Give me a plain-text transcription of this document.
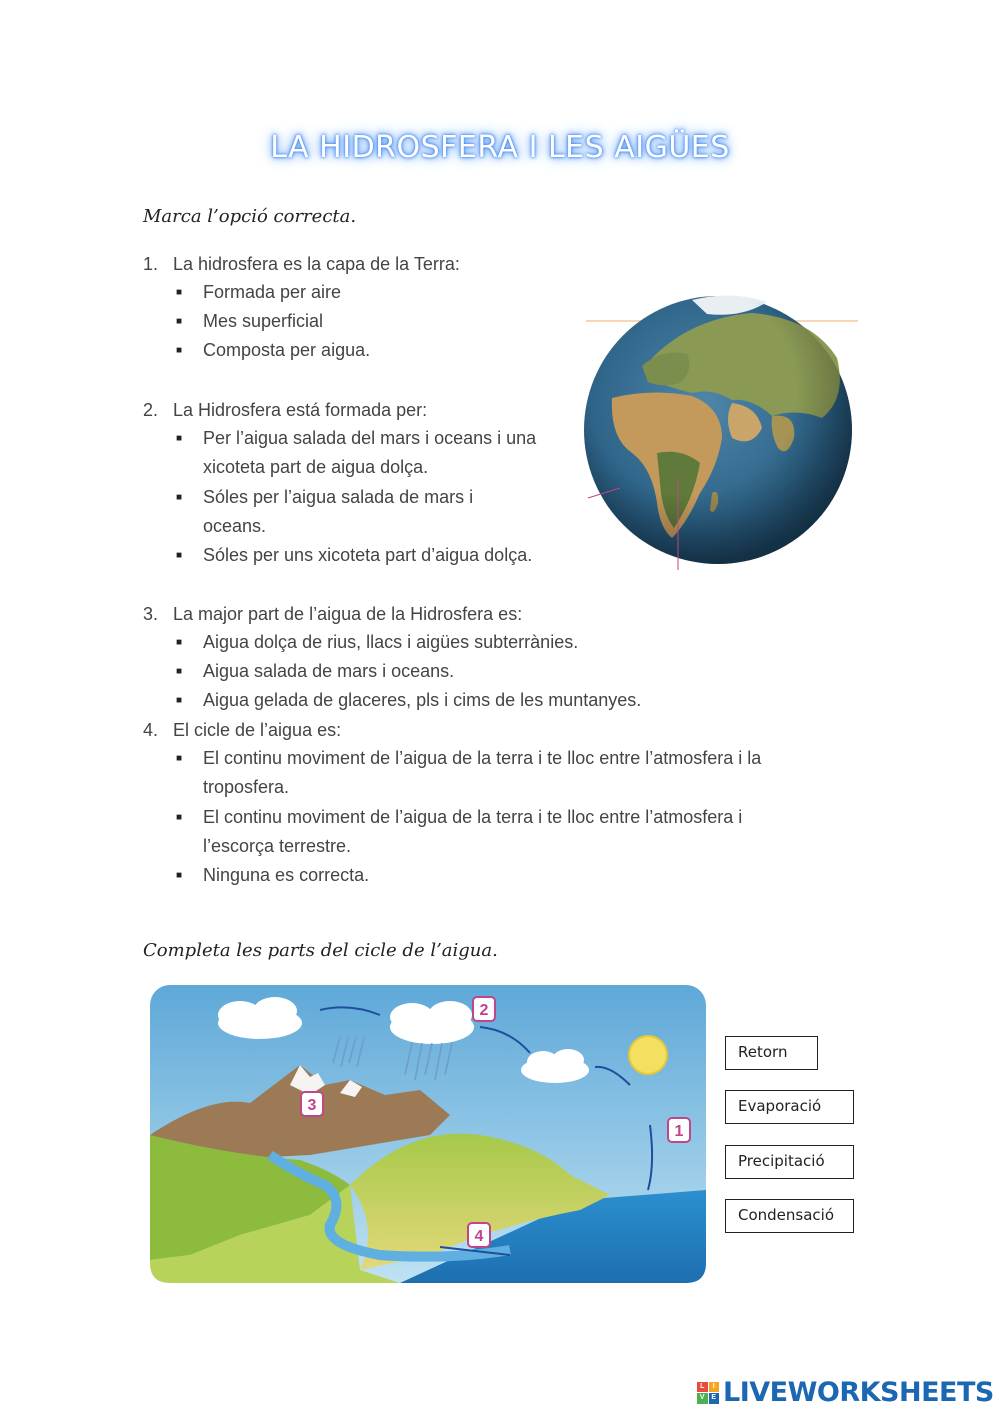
LA HIDROSFERA I LES AIGÜES
Marca l’opció correcta.
1. La hidrosfera es la capa de la Terra:
■ Formada per aire
■ Mes superficial
■ Composta per aigua.
2. La Hidrosfera está formada per:
■ Per l’aigua salada del mars i oceans i una
xicoteta part de aigua dolça.
■ Sóles per l’aigua salada de mars i
oceans.
■ Sóles per uns xicoteta part d’aigua dolça.
3. La major part de l’aigua de la Hidrosfera es:
■ Aigua dolça de rius, llacs i aigües subterrànies.
■ Aigua salada de mars i oceans.
■ Aigua gelada de glaceres, pls i cims de les muntanyes.
4. El cicle de l’aigua es:
■ El continu moviment de l’aigua de la terra i te lloc entre l’atmosfera i la
troposfera.
■ El continu moviment de l’aigua de la terra i te lloc entre l’atmosfera i
l’escorça terrestre.
■ Ninguna es correcta.
Completa les parts del cicle de l’aigua.
1
2
3
4
Retorn
Evaporació
Precipitació
Condensació
L	I
V E LIVEWORKSHEETS
